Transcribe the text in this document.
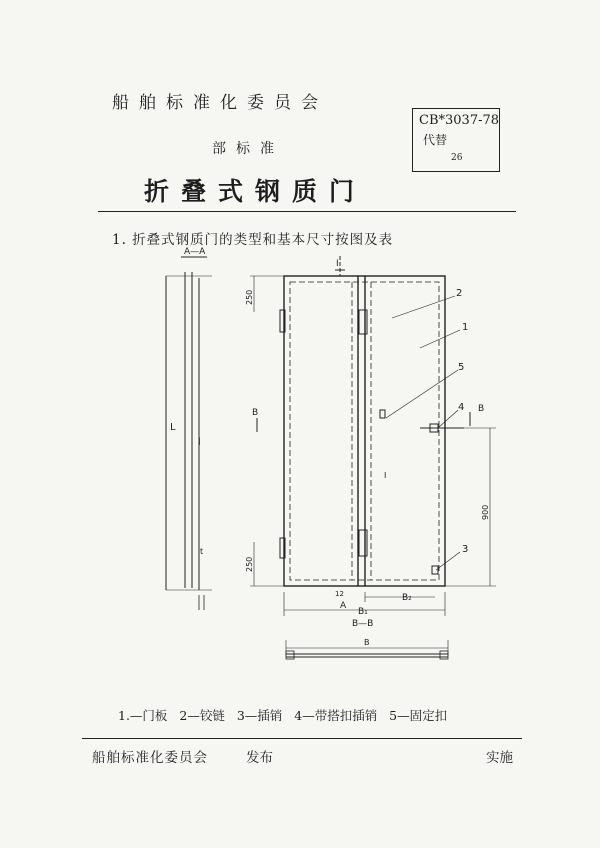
船舶标准化委员会
部标准
折叠式钢质门
CB*3037-78
代替
26
1. 折叠式钢质门的类型和基本尺寸按图及表
A—A
L
l
t
I
B
A
250
250
900
12
B₁
B₂
I
2
1
5
4
3
B
B—B
B
1.—门板 2—铰链 3—插销 4—带搭扣插销 5—固定扣
船舶标准化委员会	发布	实施
